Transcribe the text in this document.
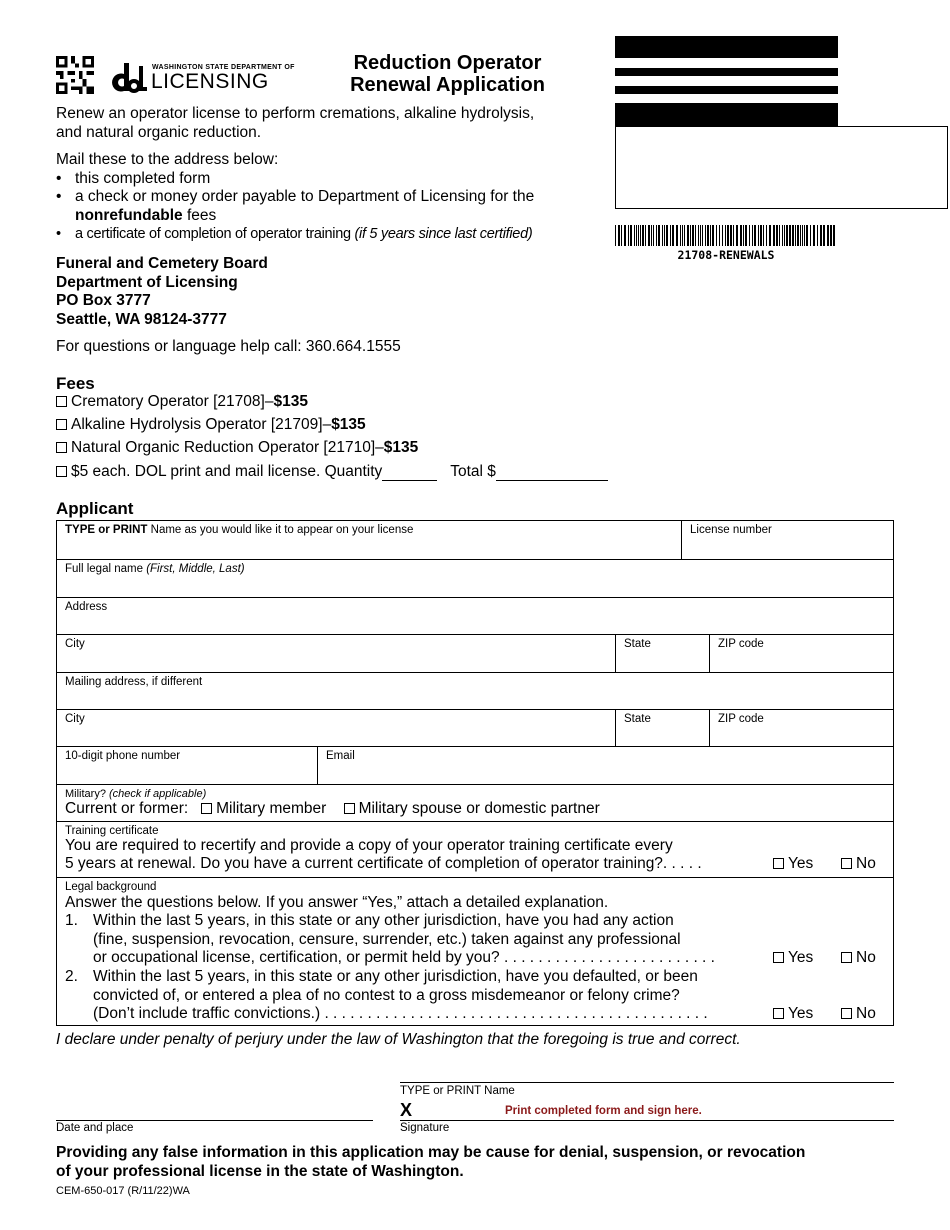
WASHINGTON STATE DEPARTMENT OF
LICENSING
Reduction Operator
Renewal Application
21708-RENEWALS
Renew an operator license to perform cremations, alkaline hydrolysis,
and natural organic reduction.
Mail these to the address below:
• this completed form
• a check or money order payable to Department of Licensing for the
nonrefundable fees
• a certificate of completion of operator training (if 5 years since last certified)
Funeral and Cemetery Board
Department of Licensing
PO Box 3777
Seattle, WA 98124-3777
For questions or language help call: 360.664.1555
Fees
Crematory Operator [21708]–$135
Alkaline Hydrolysis Operator [21709]–$135
Natural Organic Reduction Operator [21710]–$135
$5 each. DOL print and mail license. Quantity	Total $
Applicant
TYPE or PRINT Name as you would like it to appear on your license	License number
Full legal name (First, Middle, Last)
Address
City	State	ZIP code
Mailing address, if different
City	State	ZIP code
10-digit phone number	Email
Military? (check if applicable)
Current or former: Military member Military spouse or domestic partner
Training certificate
You are required to recertify and provide a copy of your operator training certificate every
5 years at renewal. Do you have a current certificate of completion of operator training?. . . . .	Yes	No
Legal background
Answer the questions below. If you answer “Yes,” attach a detailed explanation.
1. Within the last 5 years, in this state or any other jurisdiction, have you had any action
(fine, suspension, revocation, censure, surrender, etc.) taken against any professional
or occupational license, certification, or permit held by you? . . . . . . . . . . . . . . . . . . . . . . . . .	Yes	No
2. Within the last 5 years, in this state or any other jurisdiction, have you defaulted, or been
convicted of, or entered a plea of no contest to a gross misdemeanor or felony crime?
(Don’t include traffic convictions.) . . . . . . . . . . . . . . . . . . . . . . . . . . . . . . . . . . . . . . . . . . . . .	Yes	No
I declare under penalty of perjury under the law of Washington that the foregoing is true and correct.
TYPE or PRINT Name
X	Print completed form and sign here.
Date and place	Signature
Providing any false information in this application may be cause for denial, suspension, or revocation
of your professional license in the state of Washington.
CEM-650-017 (R/11/22)WA
